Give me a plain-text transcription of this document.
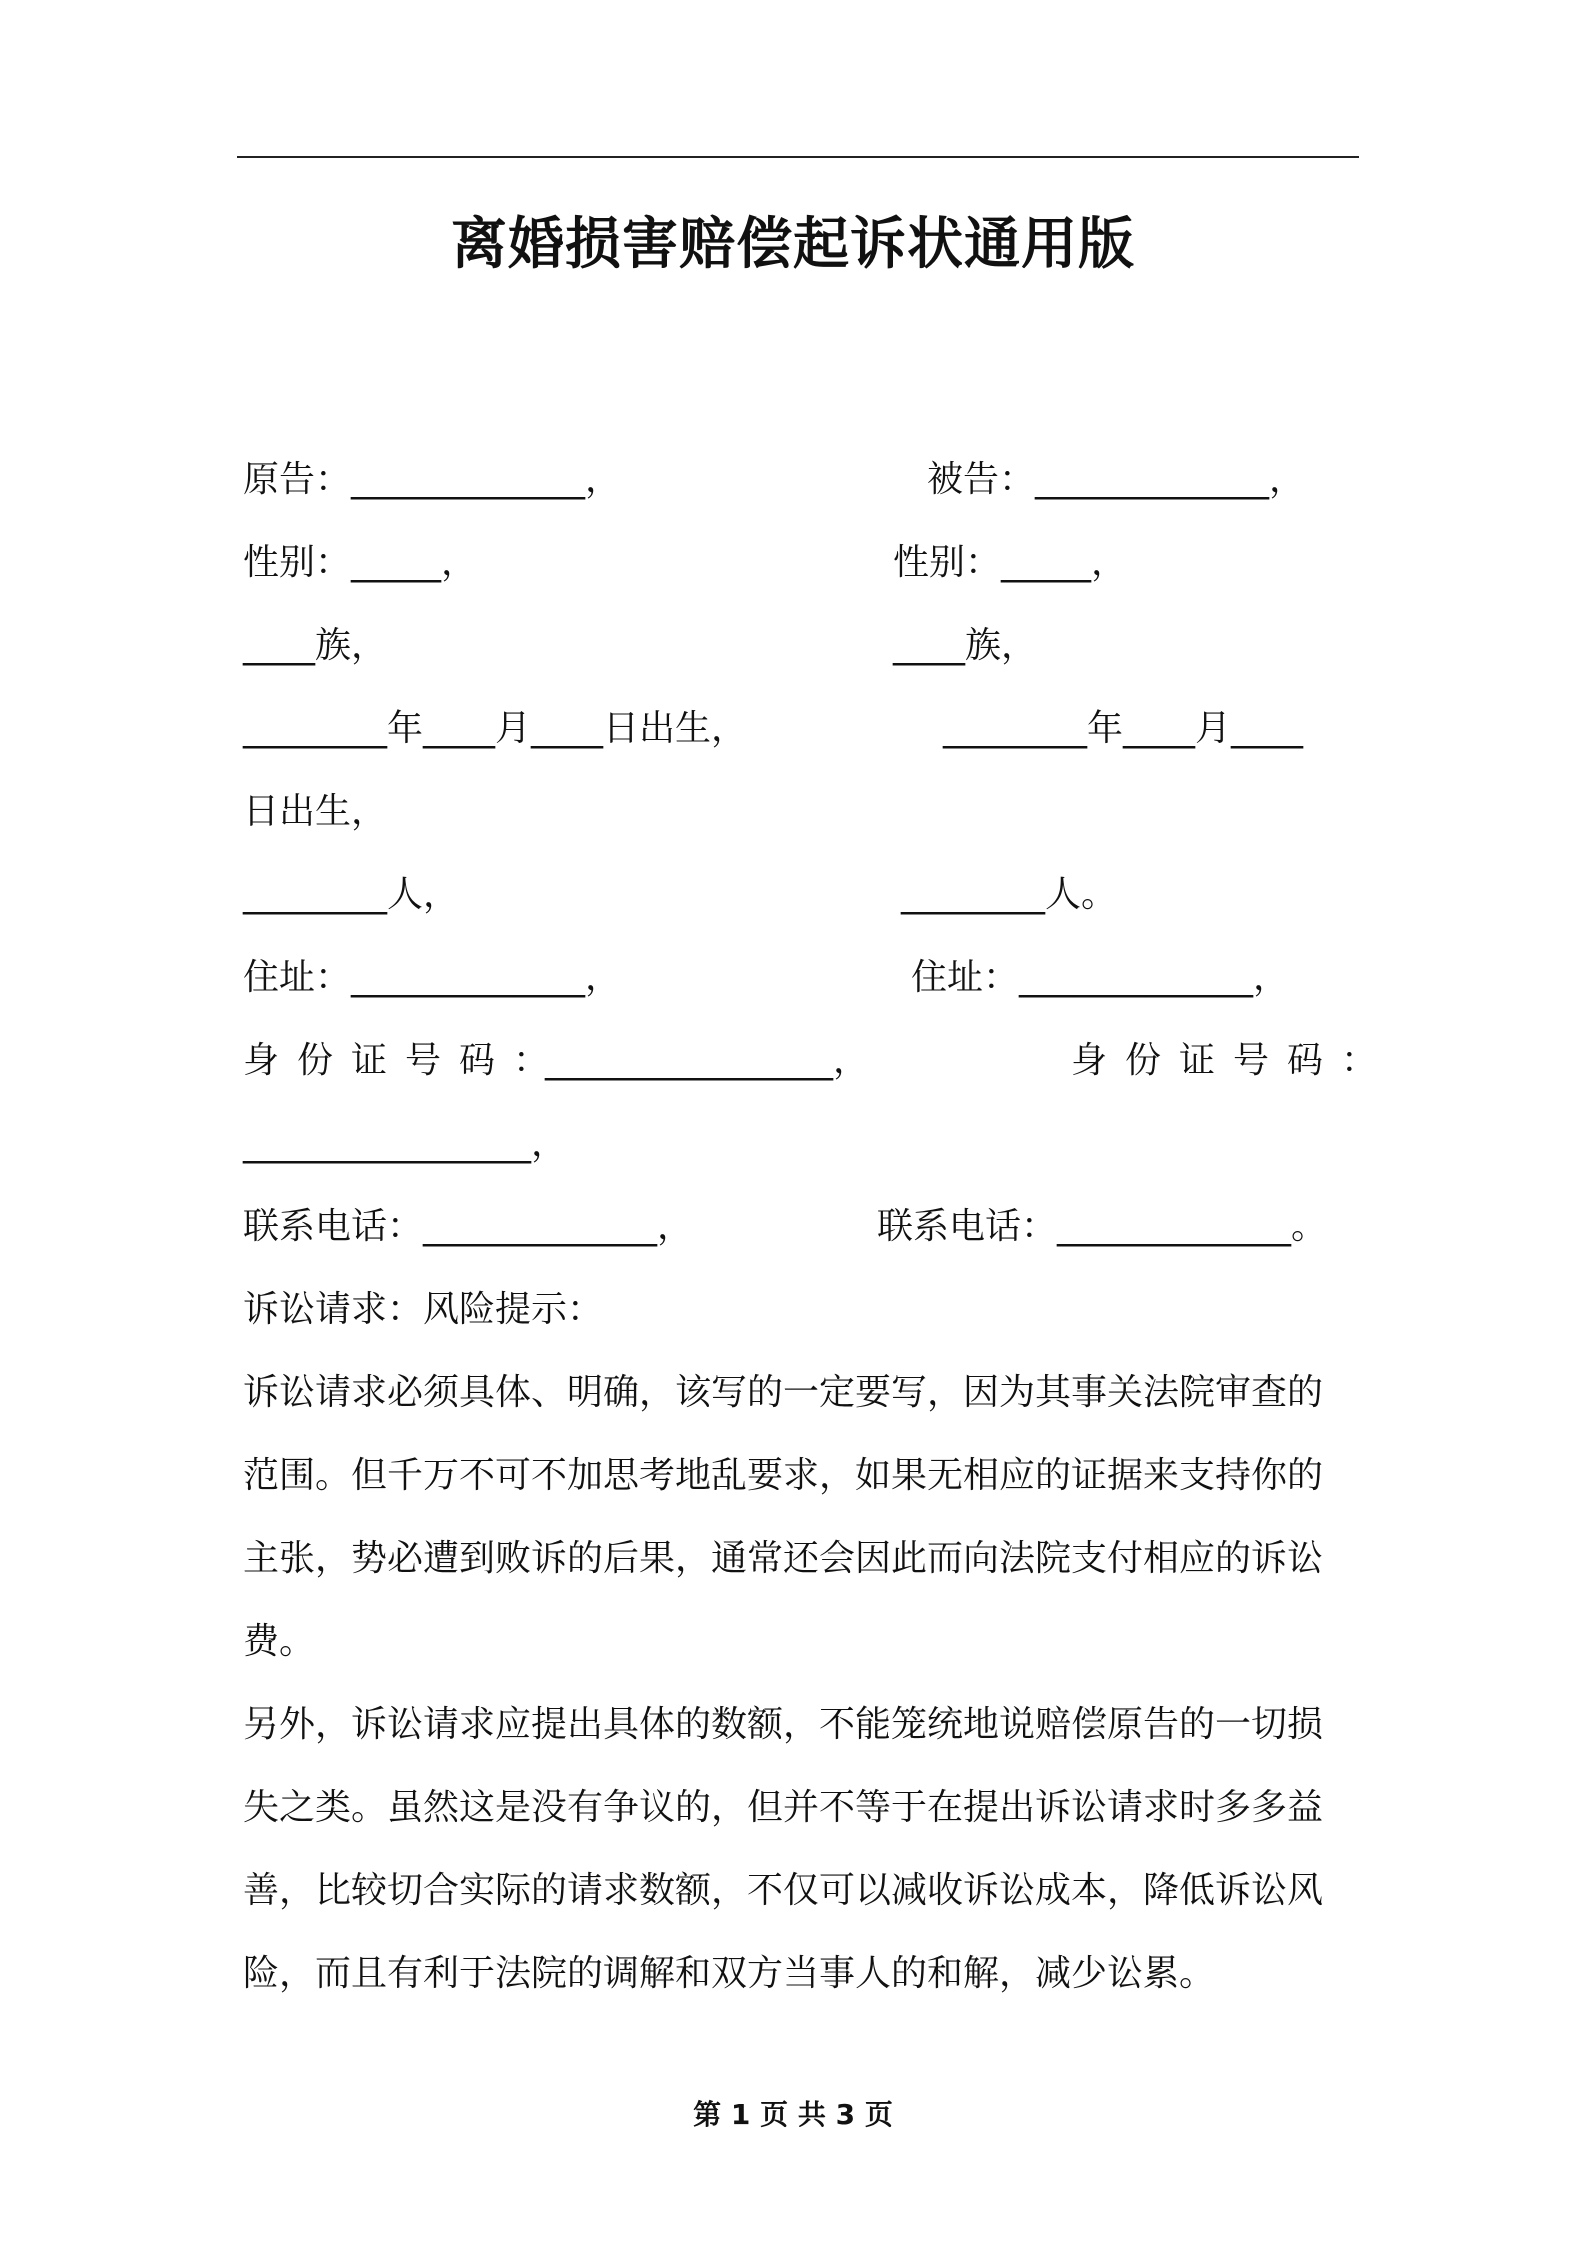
离婚损害赔偿起诉状通用版
原告：_____________，	被告：_____________，
性别：_____，	性别：_____，
____族，	____族，
________年____月____日出生，	________年____月____
日出生，
________人，	________人。
住址：_____________，	住址：_____________，
身份证号码：
________________，	身份证号码：
________________，
联系电话：_____________，	联系电话：_____________。
诉讼请求：风险提示：
诉讼请求必须具体、明确，该写的一定要写，因为其事关法院审查的
范围。但千万不可不加思考地乱要求，如果无相应的证据来支持你的
主张，势必遭到败诉的后果，通常还会因此而向法院支付相应的诉讼
费。
另外，诉讼请求应提出具体的数额，不能笼统地说赔偿原告的一切损
失之类。虽然这是没有争议的，但并不等于在提出诉讼请求时多多益
善，比较切合实际的请求数额，不仅可以减收诉讼成本，降低诉讼风
险，而且有利于法院的调解和双方当事人的和解，减少讼累。
第 1 页 共 3 页
